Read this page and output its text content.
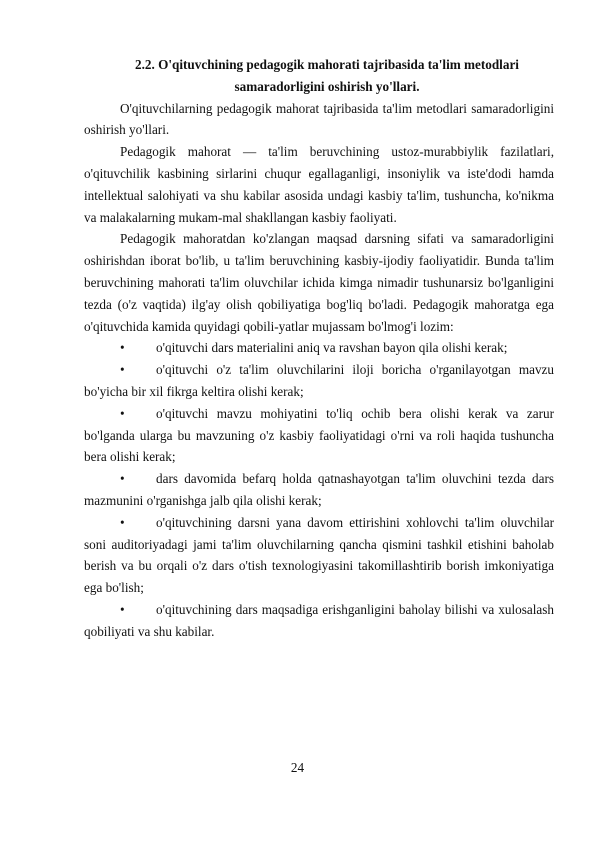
2.2. O'qituvchining pedagogik mahorati tajribasida ta'lim metodlari
samaradorligini oshirish yo'llari.

O'qituvchilarning pedagogik mahorat tajribasida ta'lim metodlari samaradorligini oshirish yo'llari.

Pedagogik mahorat — ta'lim beruvchining ustoz-murabbiylik fazilatlari, o'qituvchilik kasbining sirlarini chuqur egallaganligi, insoniylik va iste'dodi hamda intellektual salohiyati va shu kabilar asosida undagi kasbiy ta'lim, tushuncha, ko'nikma va malakalarning mukam-mal shakllangan kasbiy faoliyati.

Pedagogik mahoratdan ko'zlangan maqsad darsning sifati va samaradorligini oshirishdan iborat bo'lib, u ta'lim beruvchining kasbiy-ijodiy faoliyatidir. Bunda ta'lim beruvchining mahorati ta'lim oluvchilar ichida kimga nimadir tushunarsiz bo'lganligini tezda (o'z vaqtida) ilg'ay olish qobiliyatiga bog'liq bo'ladi. Pedagogik mahoratga ega o'qituvchida kamida quyidagi qobili-yatlar mujassam bo'lmog'i lozim:

• o'qituvchi dars materialini aniq va ravshan bayon qila olishi kerak;
• o'qituvchi o'z ta'lim oluvchilarini iloji boricha o'rganilayotgan mavzu bo'yicha bir xil fikrga keltira olishi kerak;
• o'qituvchi mavzu mohiyatini to'liq ochib bera olishi kerak va zarur bo'lganda ularga bu mavzuning o'z kasbiy faoliyatidagi o'rni va roli haqida tushuncha bera olishi kerak;
• dars davomida befarq holda qatnashayotgan ta'lim oluvchini tezda dars mazmunini o'rganishga jalb qila olishi kerak;
• o'qituvchining darsni yana davom ettirishini xohlovchi ta'lim oluvchilar soni auditoriyadagi jami ta'lim oluvchilarning qancha qismini tashkil etishini baholab berish va bu orqali o'z dars o'tish texnologiyasini takomillashtirib borish imkoniyatiga ega bo'lish;
• o'qituvchining dars maqsadiga erishganligini baholay bilishi va xulosalash qobiliyati va shu kabilar.
24
